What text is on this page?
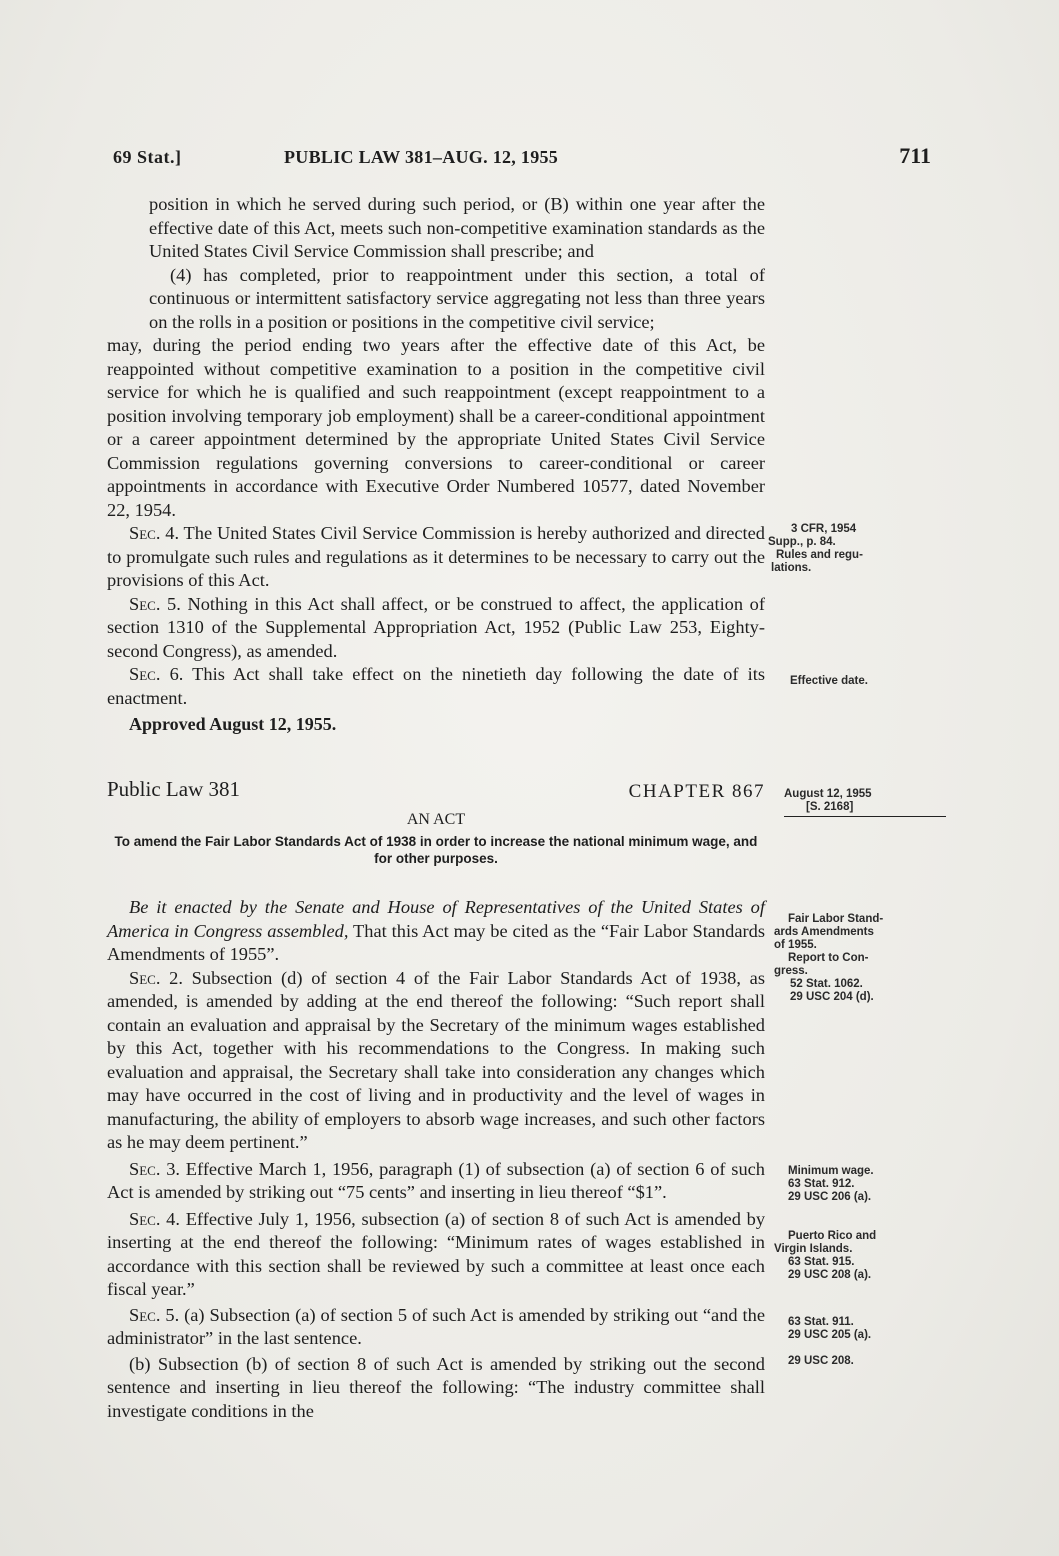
69 Stat.]	PUBLIC LAW 381–AUG. 12, 1955	711

position in which he served during such period, or (B) within one year after the effective date of this Act, meets such non-competitive examination standards as the United States Civil Service Commission shall prescribe; and

(4) has completed, prior to reappointment under this section, a total of continuous or intermittent satisfactory service aggregating not less than three years on the rolls in a position or positions in the competitive civil service;

may, during the period ending two years after the effective date of this Act, be reappointed without competitive examination to a position in the competitive civil service for which he is qualified and such reappointment (except reappointment to a position involving temporary job employment) shall be a career-conditional appointment or a career appointment determined by the appropriate United States Civil Service Commission regulations governing conversions to career-conditional or career appointments in accordance with Executive Order Numbered 10577, dated November 22, 1954.

Sec. 4. The United States Civil Service Commission is hereby authorized and directed to promulgate such rules and regulations as it determines to be necessary to carry out the provisions of this Act.

Sec. 5. Nothing in this Act shall affect, or be construed to affect, the application of section 1310 of the Supplemental Appropriation Act, 1952 (Public Law 253, Eighty-second Congress), as amended.

Sec. 6. This Act shall take effect on the ninetieth day following the date of its enactment.

Approved August 12, 1955.

Public Law 381	CHAPTER 867
AN ACT
To amend the Fair Labor Standards Act of 1938 in order to increase the national minimum wage, and for other purposes.

Be it enacted by the Senate and House of Representatives of the United States of America in Congress assembled, That this Act may be cited as the “Fair Labor Standards Amendments of 1955”.

Sec. 2. Subsection (d) of section 4 of the Fair Labor Standards Act of 1938, as amended, is amended by adding at the end thereof the following: “Such report shall contain an evaluation and appraisal by the Secretary of the minimum wages established by this Act, together with his recommendations to the Congress. In making such evaluation and appraisal, the Secretary shall take into consideration any changes which may have occurred in the cost of living and in productivity and the level of wages in manufacturing, the ability of employers to absorb wage increases, and such other factors as he may deem pertinent.”

Sec. 3. Effective March 1, 1956, paragraph (1) of subsection (a) of section 6 of such Act is amended by striking out “75 cents” and inserting in lieu thereof “$1”.

Sec. 4. Effective July 1, 1956, subsection (a) of section 8 of such Act is amended by inserting at the end thereof the following: “Minimum rates of wages established in accordance with this section shall be reviewed by such a committee at least once each fiscal year.”

Sec. 5. (a) Subsection (a) of section 5 of such Act is amended by striking out “and the administrator” in the last sentence.

(b) Subsection (b) of section 8 of such Act is amended by striking out the second sentence and inserting in lieu thereof the following: “The industry committee shall investigate conditions in the

3 CFR, 1954
Supp., p. 84.
Rules and regu-
lations.
Effective date.
August 12, 1955
[S. 2168]
Fair Labor Stand-
ards Amendments
of 1955.
Report to Con-
gress.
52 Stat. 1062.
29 USC 204 (d).
Minimum wage.
63 Stat. 912.
29 USC 206 (a).
Puerto Rico and
Virgin Islands.
63 Stat. 915.
29 USC 208 (a).
63 Stat. 911.
29 USC 205 (a).
29 USC 208.
